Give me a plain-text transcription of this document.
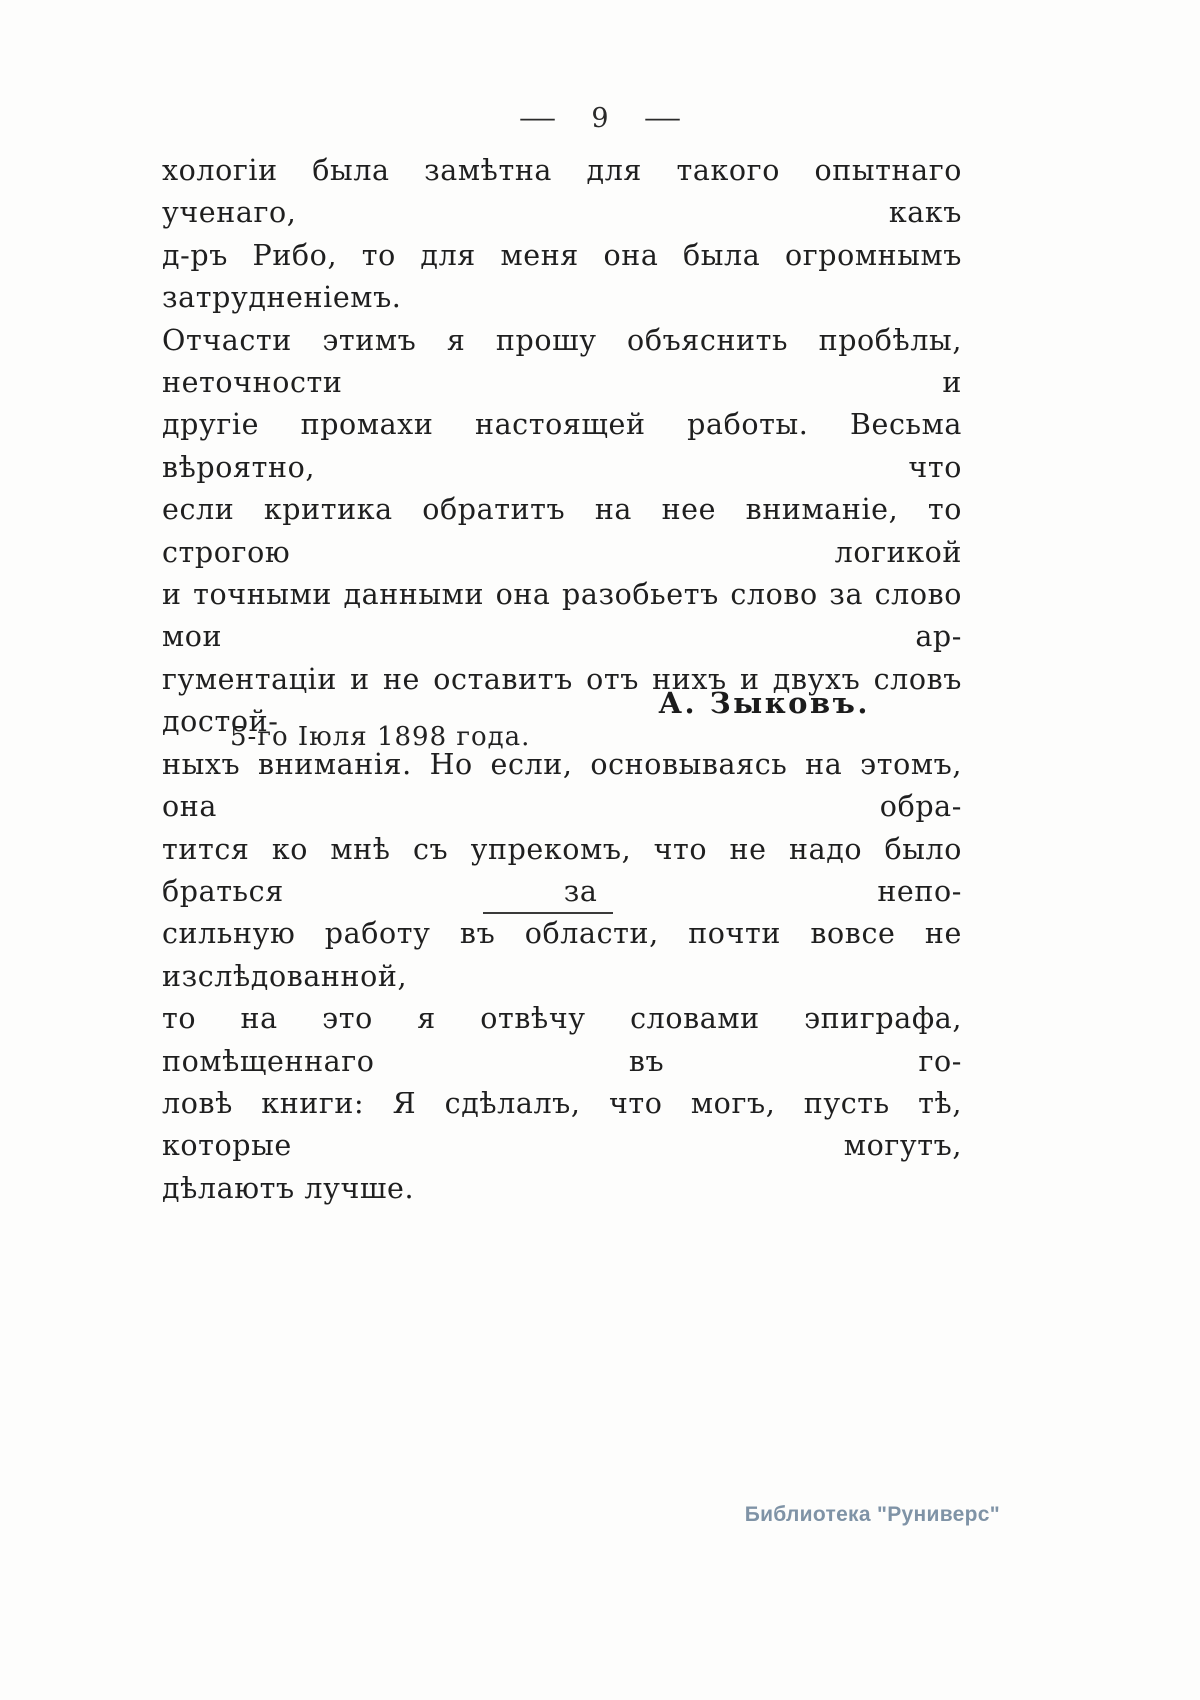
— 9 —
хологіи была замѣтна для такого опытнаго ученаго, какъ
д-ръ Рибо, то для меня она была огромнымъ затрудненіемъ.
Отчасти этимъ я прошу объяснить пробѣлы, неточности и
другіе промахи настоящей работы. Весьма вѣроятно, что
если критика обратитъ на нее вниманіе, то строгою логикой
и точными данными она разобьетъ слово за слово мои ар-
гументаціи и не оставитъ отъ нихъ и двухъ словъ достой-
ныхъ вниманія. Но если, основываясь на этомъ, она обра-
тится ко мнѣ съ упрекомъ, что не надо было браться за непо-
сильную работу въ области, почти вовсе не изслѣдованной,
то на это я отвѣчу словами эпиграфа, помѣщеннаго въ го-
ловѣ книги: Я сдѣлалъ, что могъ, пусть тѣ, которые могутъ,
дѣлаютъ лучше.
А. Зыковъ.
5-го Іюля 1898 года.
Библиотека "Руниверс"
